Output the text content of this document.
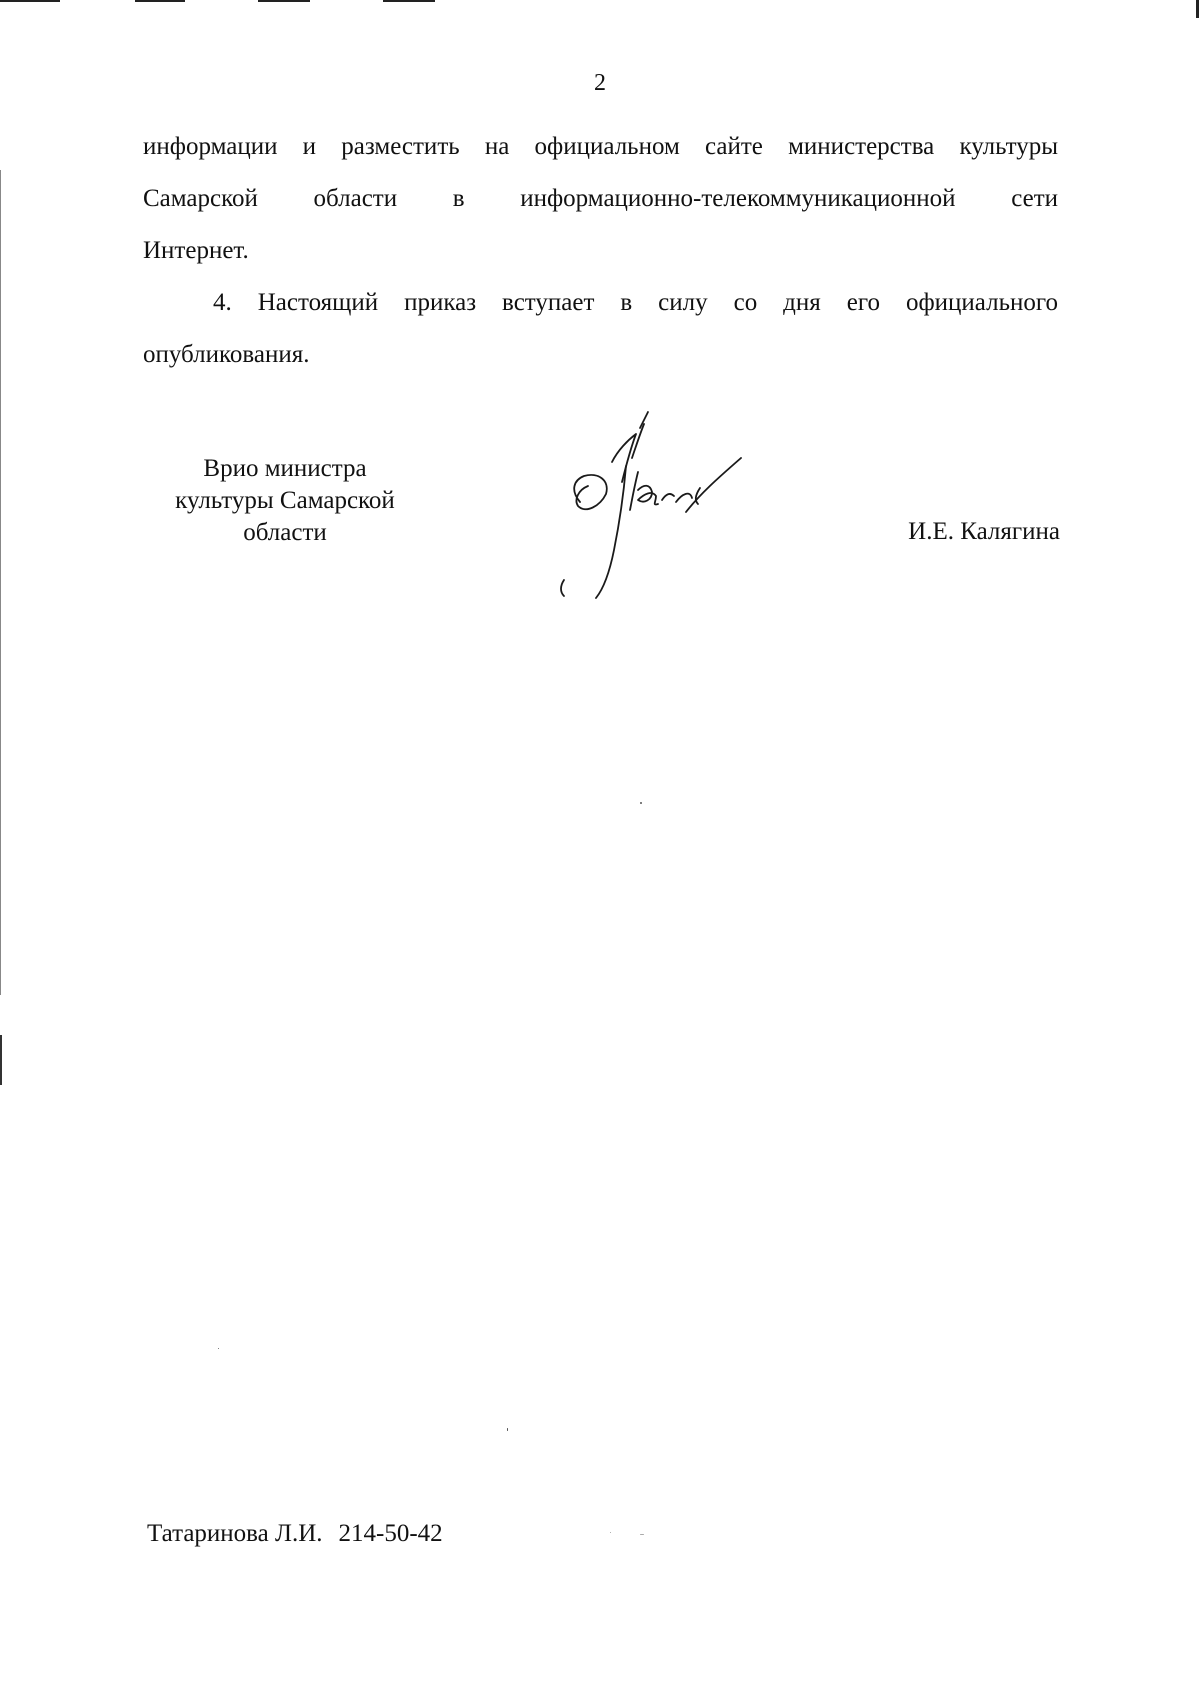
2
информации и разместить на официальном сайте министерства культуры
Самарской области в информационно-телекоммуникационной сети
Интернет.
4. Настоящий приказ вступает в силу со дня его официального
опубликования.
Врио министра
культуры Самарской
области	И.Е. Калягина
Татаринова Л.И. 214-50-42
